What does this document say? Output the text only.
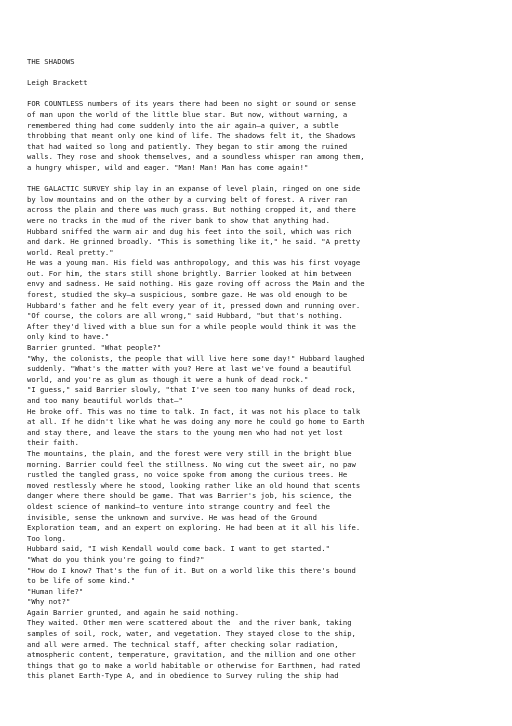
THE SHADOWS

Leigh Brackett

FOR COUNTLESS numbers of its years there had been no sight or sound or sense
of man upon the world of the little blue star. But now, without warning, a
remembered thing had come suddenly into the air again—a quiver, a subtle
throbbing that meant only one kind of life. The shadows felt it, the Shadows
that had waited so long and patiently. They began to stir among the ruined
walls. They rose and shook themselves, and a soundless whisper ran among them,
a hungry whisper, wild and eager. "Man! Man! Man has come again!"
THE GALACTIC SURVEY ship lay in an expanse of level plain, ringed on one side
by low mountains and on the other by a curving belt of forest. A river ran
across the plain and there was much grass. But nothing cropped it, and there
were no tracks in the mud of the river bank to show that anything had.
Hubbard sniffed the warm air and dug his feet into the soil, which was rich
and dark. He grinned broadly. "This is something like it," he said. "A pretty
world. Real pretty."
He was a young man. His field was anthropology, and this was his first voyage
out. For him, the stars still shone brightly. Barrier looked at him between
envy and sadness. He said nothing. His gaze roving off across the Main and the
forest, studied the sky—a suspicious, sombre gaze. He was old enough to be
Hubbard's father and he felt every year of it, pressed down and running over.
"Of course, the colors are all wrong," said Hubbard, "but that's nothing.
After they'd lived with a blue sun for a while people would think it was the
only kind to have."
Barrier grunted. "What people?"
"Why, the colonists, the people that will live here some day!" Hubbard laughed
suddenly. "What's the matter with you? Here at last we've found a beautiful
world, and you're as glum as though it were a hunk of dead rock."
"I guess," said Barrier slowly, "that I've seen too many hunks of dead rock,
and too many beautiful worlds that—"
He broke off. This was no time to talk. In fact, it was not his place to talk
at all. If he didn't like what he was doing any more he could go home to Earth
and stay there, and leave the stars to the young men who had not yet lost
their faith.
The mountains, the plain, and the forest were very still in the bright blue
morning. Barrier could feel the stillness. No wing cut the sweet air, no paw
rustled the tangled grass, no voice spoke from among the curious trees. He
moved restlessly where he stood, looking rather like an old hound that scents
danger where there should be game. That was Barrier's job, his science, the
oldest science of mankind—to venture into strange country and feel the
invisible, sense the unknown and survive. He was head of the Ground
Exploration team, and an expert on exploring. He had been at it all his life.
Too long.
Hubbard said, "I wish Kendall would come back. I want to get started."
"What do you think you're going to find?"
"How do I know? That's the fun of it. But on a world like this there's bound
to be life of some kind."
"Human life?"
"Why not?"
Again Barrier grunted, and again he said nothing.
They waited. Other men were scattered about the  and the river bank, taking
samples of soil, rock, water, and vegetation. They stayed close to the ship,
and all were armed. The technical staff, after checking solar radiation,
atmospheric content, temperature, gravitation, and the million and one other
things that go to make a world habitable or otherwise for Earthmen, had rated
this planet Earth-Type A, and in obedience to Survey ruling the ship had
